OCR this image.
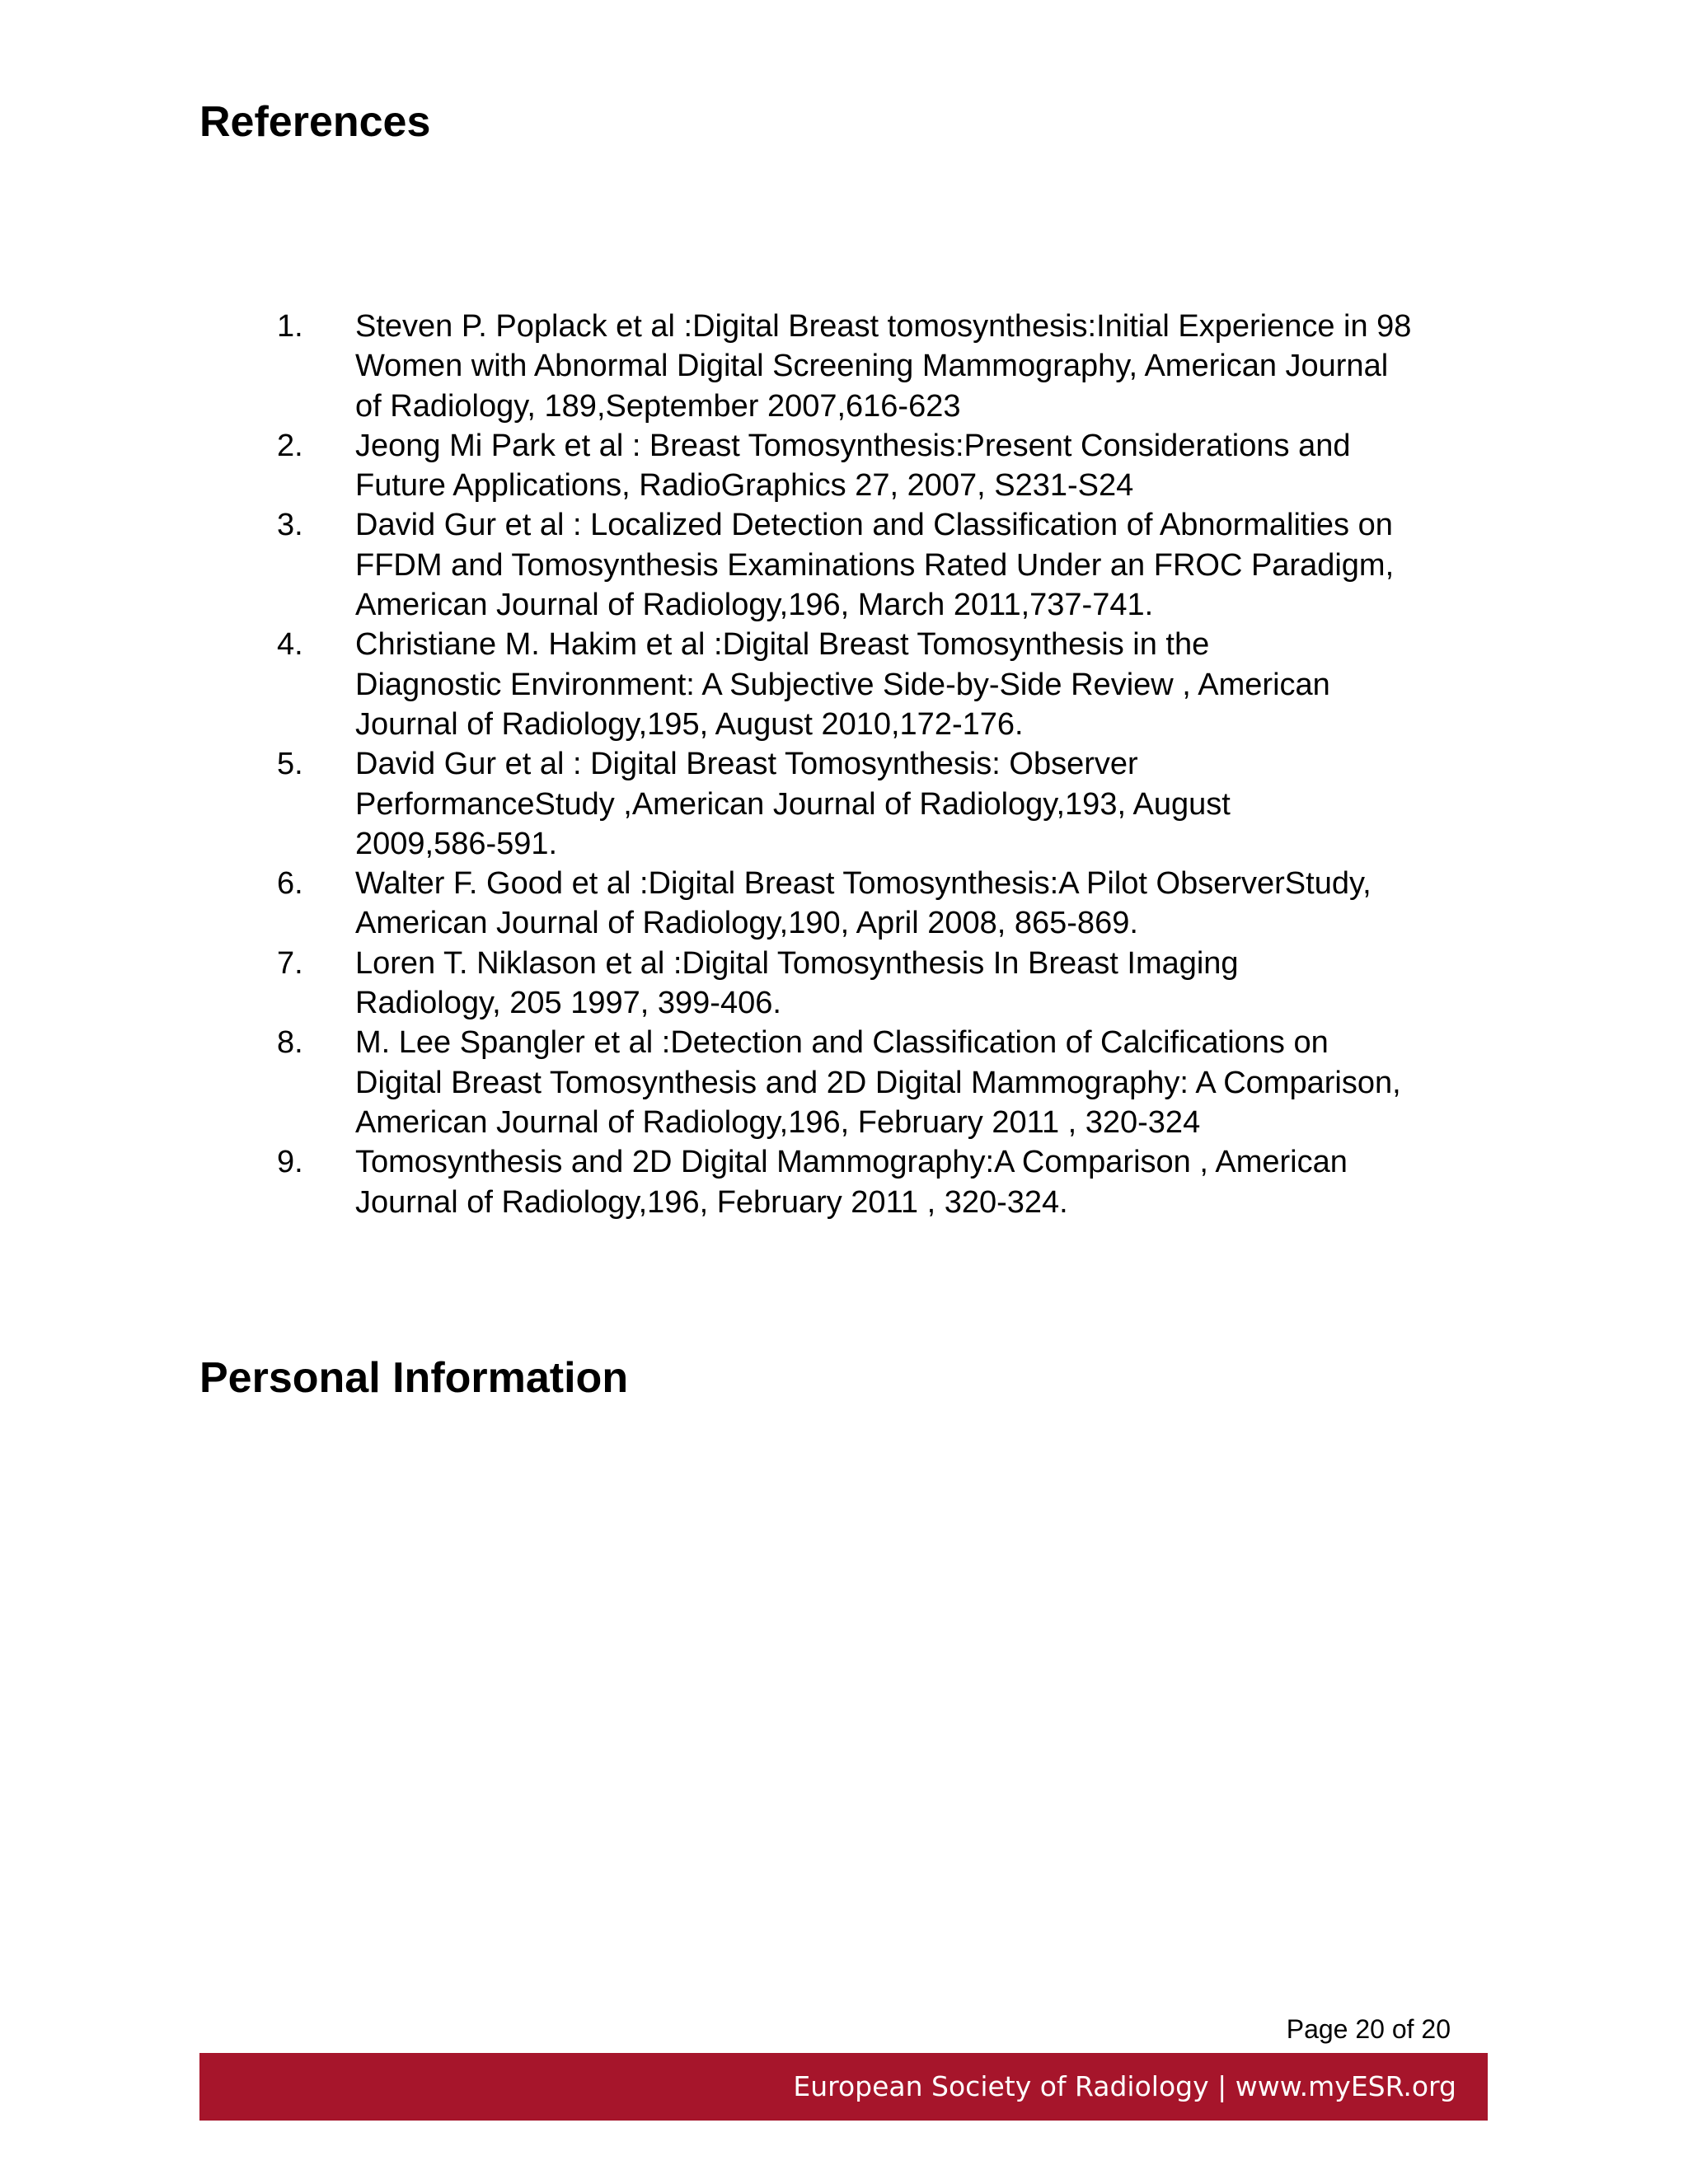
References
1. Steven P. Poplack et al :Digital Breast tomosynthesis:Initial Experience in 98
Women with Abnormal Digital Screening Mammography, American Journal
of Radiology, 189,September 2007,616-623
2. Jeong Mi Park et al : Breast Tomosynthesis:Present Considerations and
Future Applications, RadioGraphics 27, 2007, S231-S24
3. David Gur et al : Localized Detection and Classification of Abnormalities on
FFDM and Tomosynthesis Examinations Rated Under an FROC Paradigm,
American Journal of Radiology,196, March 2011,737-741.
4. Christiane M. Hakim et al :Digital Breast Tomosynthesis in the
Diagnostic Environment: A Subjective Side-by-Side Review , American
Journal of Radiology,195, August 2010,172-176.
5. David Gur et al : Digital Breast Tomosynthesis: Observer
PerformanceStudy ,American Journal of Radiology,193, August
2009,586-591.
6. Walter F. Good et al :Digital Breast Tomosynthesis:A Pilot ObserverStudy,
American Journal of Radiology,190, April 2008, 865-869.
7. Loren T. Niklason et al :Digital Tomosynthesis In Breast Imaging
Radiology, 205 1997, 399-406.
8. M. Lee Spangler et al :Detection and Classification of Calcifications on
Digital Breast Tomosynthesis and 2D Digital Mammography: A Comparison,
American Journal of Radiology,196, February 2011 , 320-324
9. Tomosynthesis and 2D Digital Mammography:A Comparison , American
Journal of Radiology,196, February 2011 , 320-324.
Personal Information
Page 20 of 20
European Society of Radiology | www.myESR.org
